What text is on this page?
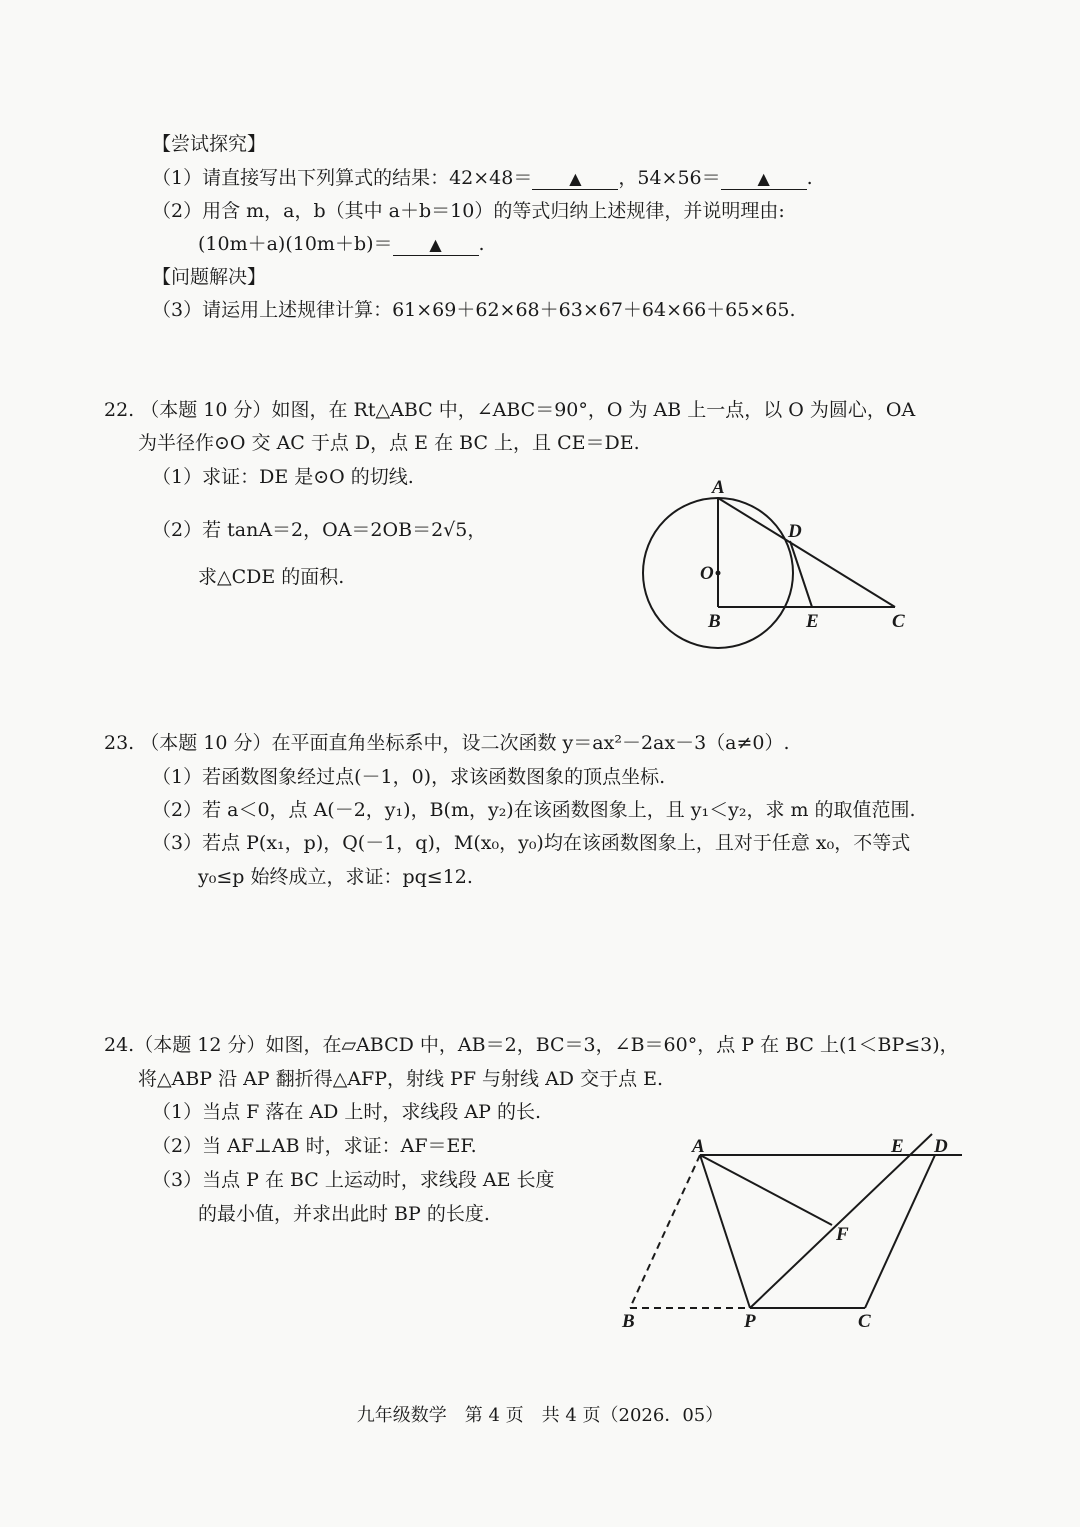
【尝试探究】
（1）请直接写出下列算式的结果：42×48＝ ▲ ，54×56＝ ▲ .
（2）用含 m，a，b（其中 a＋b＝10）的等式归纳上述规律，并说明理由:
(10m＋a)(10m＋b)＝ ▲ .
【问题解决】
（3）请运用上述规律计算：61×69＋62×68＋63×67＋64×66＋65×65.
22. （本题 10 分）如图，在 Rt△ABC 中，∠ABC＝90°，O 为 AB 上一点，以 O 为圆心，OA
为半径作⊙O 交 AC 于点 D，点 E 在 BC 上，且 CE＝DE.
（1）求证：DE 是⊙O 的切线.
（2）若 tanA＝2，OA＝2OB＝2√5，
求△CDE 的面积.
A
D
O
B	E	C
23. （本题 10 分）在平面直角坐标系中，设二次函数 y＝ax²－2ax－3（a≠0）.
（1）若函数图象经过点(－1，0)，求该函数图象的顶点坐标.
（2）若 a＜0，点 A(－2，y₁)，B(m，y₂)在该函数图象上，且 y₁＜y₂，求 m 的取值范围.
（3）若点 P(x₁，p)，Q(－1，q)，M(x₀，y₀)均在该函数图象上，且对于任意 x₀，不等式
y₀≤p 始终成立，求证：pq≤12.
24.（本题 12 分）如图，在▱ABCD 中，AB＝2，BC＝3，∠B＝60°，点 P 在 BC 上(1＜BP≤3)，
将△ABP 沿 AP 翻折得△AFP，射线 PF 与射线 AD 交于点 E.
（1）当点 F 落在 AD 上时，求线段 AP 的长.
（2）当 AF⊥AB 时，求证：AF＝EF.
（3）当点 P 在 BC 上运动时，求线段 AE 长度
的最小值，并求出此时 BP 的长度.
A	E D
F
B	P	C
九年级数学　第 4 页　共 4 页（2026．05）
